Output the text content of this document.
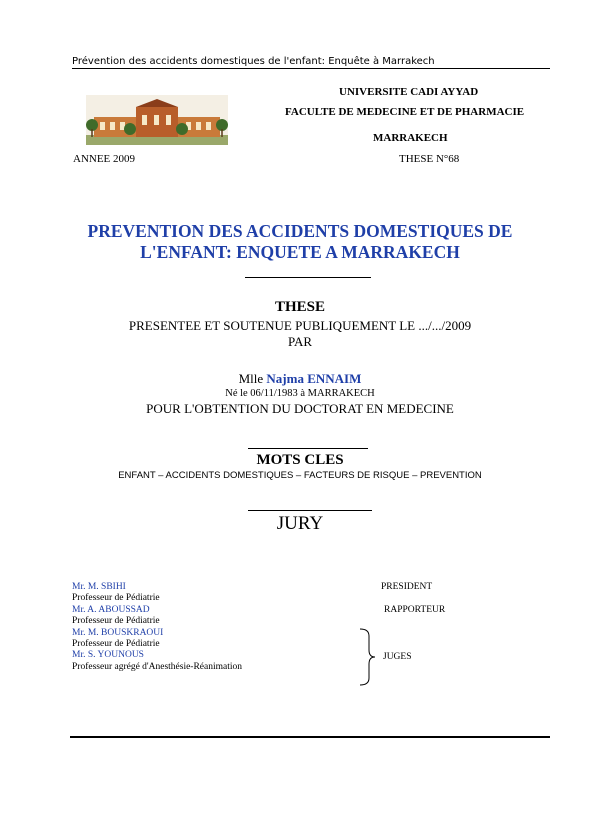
Prévention des accidents domestiques de l'enfant: Enquête à Marrakech
UNIVERSITE CADI AYYAD
FACULTE DE MEDECINE ET DE PHARMACIE
MARRAKECH
ANNEE 2009	THESE N°68
PREVENTION DES ACCIDENTS DOMESTIQUES DE
L'ENFANT: ENQUETE A MARRAKECH
THESE
PRESENTEE ET SOUTENUE PUBLIQUEMENT LE .../.../2009
PAR
Mlle Najma ENNAIM
Né le 06/11/1983 à MARRAKECH
POUR L'OBTENTION DU DOCTORAT EN MEDECINE
MOTS CLES
ENFANT – ACCIDENTS DOMESTIQUES – FACTEURS DE RISQUE – PREVENTION
JURY
Mr. M. SBIHI
Professeur de Pédiatrie
Mr. A. ABOUSSAD
Professeur de Pédiatrie
Mr. M. BOUSKRAOUI
Professeur de Pédiatrie
Mr. S. YOUNOUS
Professeur agrégé d'Anesthésie-Réanimation
PRESIDENT
RAPPORTEUR
JUGES
